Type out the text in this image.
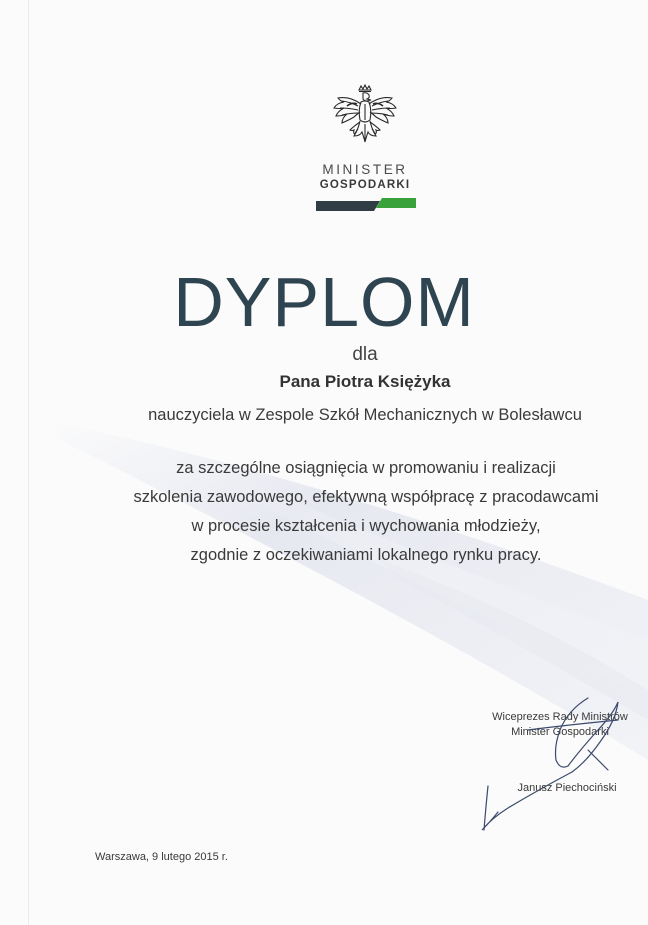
MINISTER
GOSPODARKI
DYPLOM
dla
Pana Piotra Księżyka
nauczyciela w Zespole Szkół Mechanicznych w Bolesławcu
za szczególne osiągnięcia w promowaniu i realizacji
szkolenia zawodowego, efektywną współpracę z pracodawcami
w procesie kształcenia i wychowania młodzieży,
zgodnie z oczekiwaniami lokalnego rynku pracy.
Wiceprezes Rady Ministrów
Minister Gospodarki
Janusz Piechociński
Warszawa, 9 lutego 2015 r.
